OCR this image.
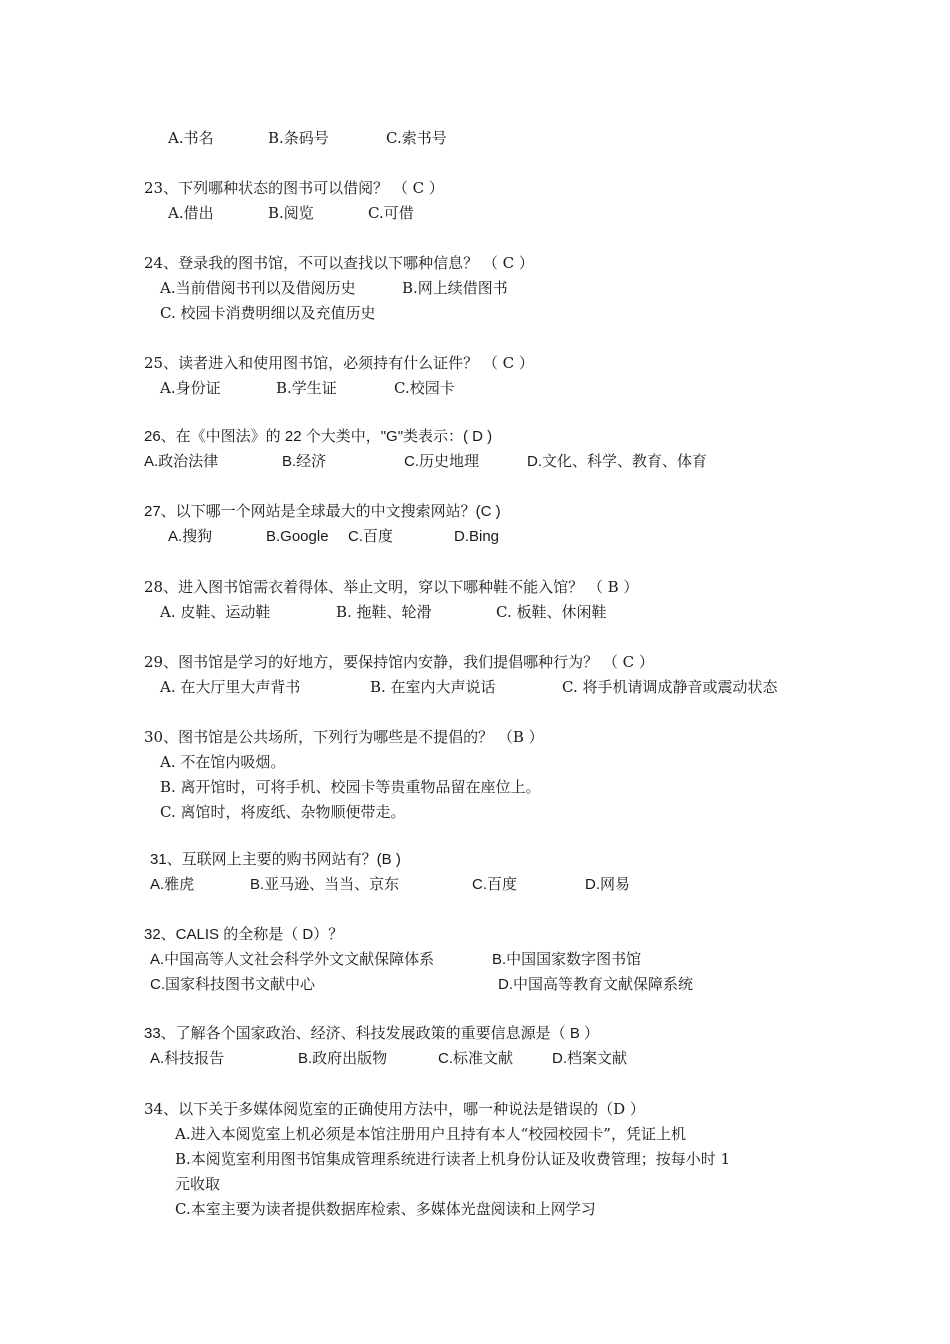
A.书名	B.条码号	C.索书号
23、下列哪种状态的图书可以借阅？ （ C ）
A.借出	B.阅览	C.可借
24、登录我的图书馆，不可以查找以下哪种信息？ （ C ）
A.当前借阅书刊以及借阅历史	B.网上续借图书
C. 校园卡消费明细以及充值历史
25、读者进入和使用图书馆，必须持有什么证件？ （ C ）
A.身份证	B.学生证	C.校园卡
26、在《中图法》的 22 个大类中，"G"类表示：( D )
A.政治法律	B.经济	C.历史地理	D.文化、科学、教育、体育
27、以下哪一个网站是全球最大的中文搜索网站？(C )
A.搜狗	B.Google C.百度	D.Bing
28、进入图书馆需衣着得体、举止文明，穿以下哪种鞋不能入馆？ （ B ）
A. 皮鞋、运动鞋	B. 拖鞋、轮滑	C. 板鞋、休闲鞋
29、图书馆是学习的好地方，要保持馆内安静，我们提倡哪种行为？ （ C ）
A. 在大厅里大声背书	B. 在室内大声说话	C. 将手机请调成静音或震动状态
30、图书馆是公共场所，下列行为哪些是不提倡的？ （B ）
A. 不在馆内吸烟。
B. 离开馆时，可将手机、校园卡等贵重物品留在座位上。
C. 离馆时，将废纸、杂物顺便带走。
31、互联网上主要的购书网站有？(B )
A.雅虎	B.亚马逊、当当、京东	C.百度	D.网易
32、CALIS 的全称是（ D）？
A.中国高等人文社会科学外文文献保障体系	B.中国国家数字图书馆
C.国家科技图书文献中心	D.中国高等教育文献保障系统
33、了解各个国家政治、经济、科技发展政策的重要信息源是（ B ）
A.科技报告	B.政府出版物	C.标准文献	D.档案文献
34、以下关于多媒体阅览室的正确使用方法中，哪一种说法是错误的（D ）
A.进入本阅览室上机必须是本馆注册用户且持有本人“校园校园卡”，凭证上机
B.本阅览室利用图书馆集成管理系统进行读者上机身份认证及收费管理；按每小时 1
元收取
C.本室主要为读者提供数据库检索、多媒体光盘阅读和上网学习
